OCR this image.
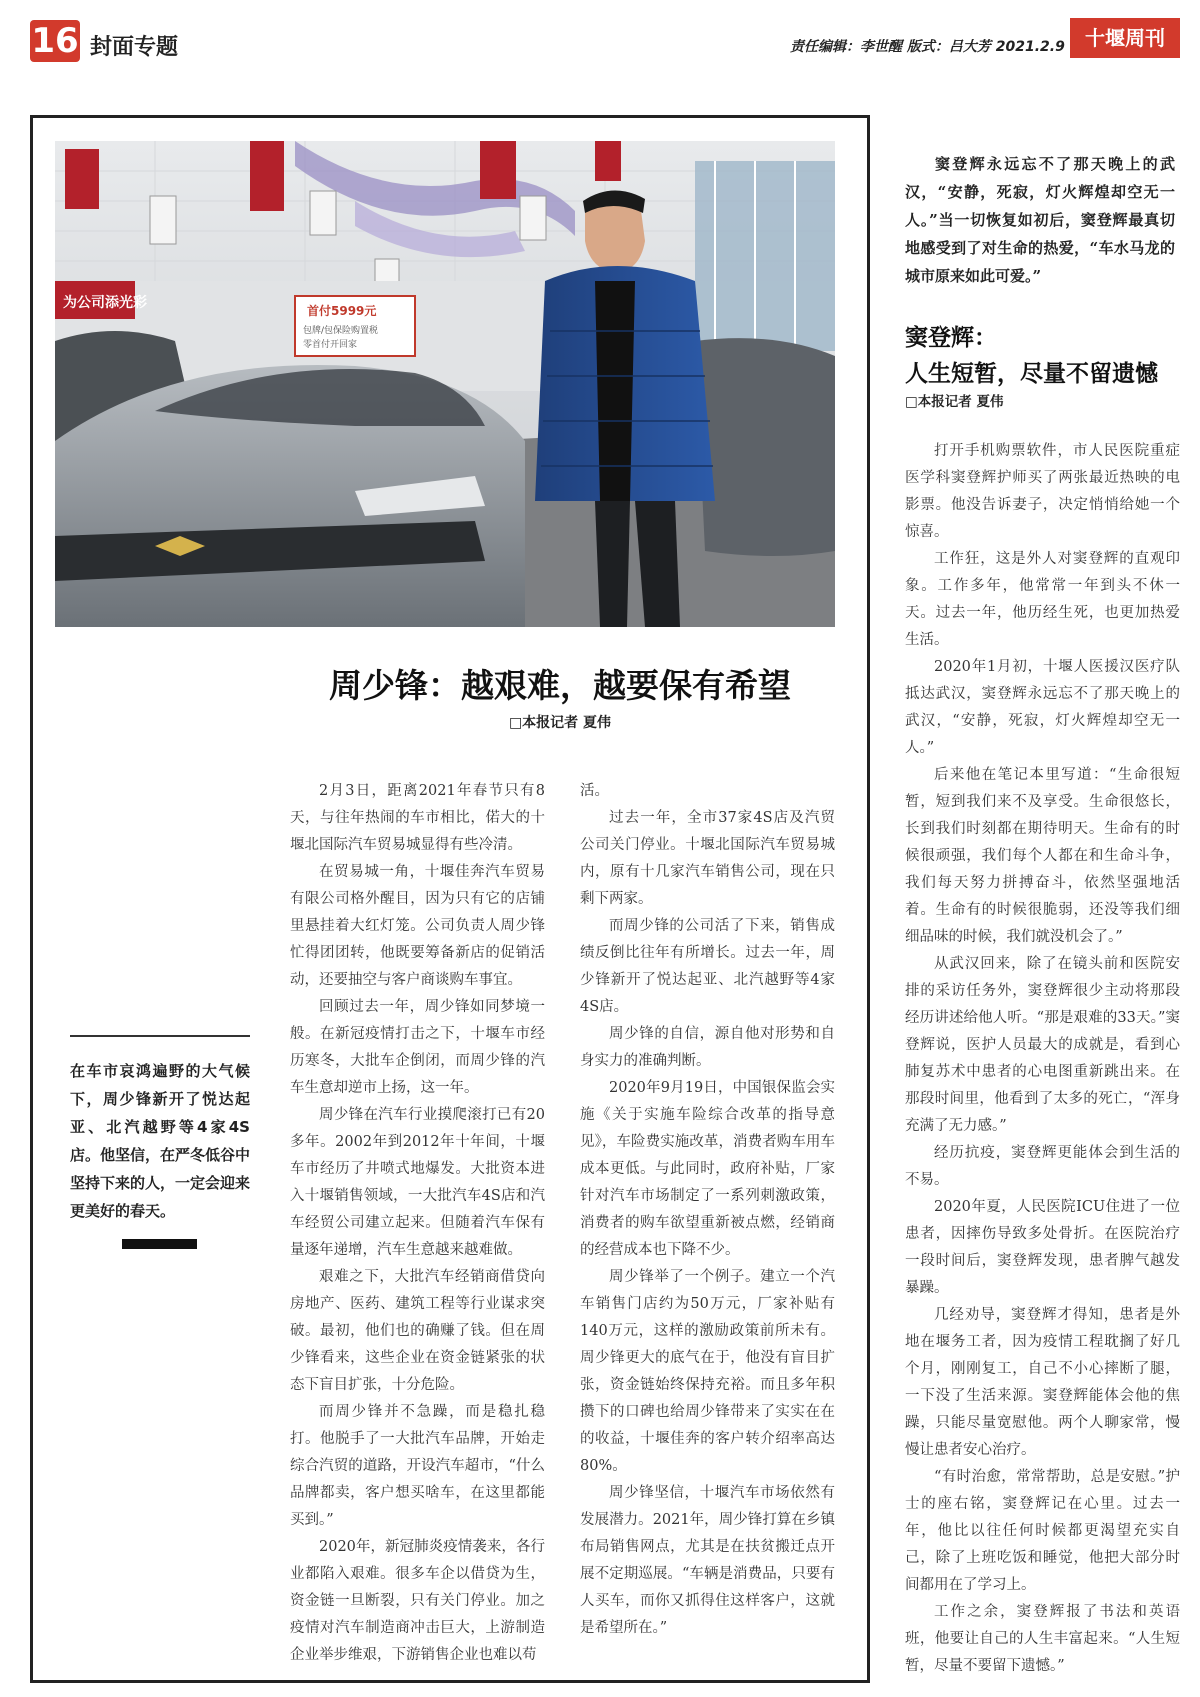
16 封面专题	责任编辑：李世醒 版式：吕大芳 2021.2.9	十堰周刊
为公司添光彩	首付5999元
包牌/包保险购置税
零首付开回家
周少锋：越艰难，越要保有希望
□本报记者 夏伟
在车市哀鸿遍野的大气候下，周少锋新开了悦达起亚、北汽越野等4家4S店。他坚信，在严冬低谷中坚持下来的人，一定会迎来更美好的春天。

2月3日，距离2021年春节只有8天，与往年热闹的车市相比，偌大的十堰北国际汽车贸易城显得有些冷清。

在贸易城一角，十堰佳奔汽车贸易有限公司格外醒目，因为只有它的店铺里悬挂着大红灯笼。公司负责人周少锋忙得团团转，他既要筹备新店的促销活动，还要抽空与客户商谈购车事宜。

回顾过去一年，周少锋如同梦境一般。在新冠疫情打击之下，十堰车市经历寒冬，大批车企倒闭，而周少锋的汽车生意却逆市上扬，这一年。

周少锋在汽车行业摸爬滚打已有20多年。2002年到2012年十年间，十堰车市经历了井喷式地爆发。大批资本进入十堰销售领域，一大批汽车4S店和汽车经贸公司建立起来。但随着汽车保有量逐年递增，汽车生意越来越难做。

艰难之下，大批汽车经销商借贷向房地产、医药、建筑工程等行业谋求突破。最初，他们也的确赚了钱。但在周少锋看来，这些企业在资金链紧张的状态下盲目扩张，十分危险。

而周少锋并不急躁，而是稳扎稳打。他脱手了一大批汽车品牌，开始走综合汽贸的道路，开设汽车超市，“什么品牌都卖，客户想买啥车，在这里都能买到。”

2020年，新冠肺炎疫情袭来，各行业都陷入艰难。很多车企以借贷为生，资金链一旦断裂，只有关门停业。加之疫情对汽车制造商冲击巨大，上游制造企业举步维艰，下游销售企业也难以苟

活。

过去一年，全市37家4S店及汽贸公司关门停业。十堰北国际汽车贸易城内，原有十几家汽车销售公司，现在只剩下两家。

而周少锋的公司活了下来，销售成绩反倒比往年有所增长。过去一年，周少锋新开了悦达起亚、北汽越野等4家4S店。

周少锋的自信，源自他对形势和自身实力的准确判断。

2020年9月19日，中国银保监会实施《关于实施车险综合改革的指导意见》，车险费实施改革，消费者购车用车成本更低。与此同时，政府补贴，厂家针对汽车市场制定了一系列刺激政策，消费者的购车欲望重新被点燃，经销商的经营成本也下降不少。

周少锋举了一个例子。建立一个汽车销售门店约为50万元，厂家补贴有140万元，这样的激励政策前所未有。周少锋更大的底气在于，他没有盲目扩张，资金链始终保持充裕。而且多年积攒下的口碑也给周少锋带来了实实在在的收益，十堰佳奔的客户转介绍率高达80%。

周少锋坚信，十堰汽车市场依然有发展潜力。2021年，周少锋打算在乡镇布局销售网点，尤其是在扶贫搬迁点开展不定期巡展。“车辆是消费品，只要有人买车，而你又抓得住这样客户，这就是希望所在。”

窦登辉永远忘不了那天晚上的武汉，“安静，死寂，灯火辉煌却空无一人。”当一切恢复如初后，窦登辉最真切地感受到了对生命的热爱，“车水马龙的城市原来如此可爱。”

窦登辉：
人生短暂，尽量不留遗憾
□本报记者 夏伟

打开手机购票软件，市人民医院重症医学科窦登辉护师买了两张最近热映的电影票。他没告诉妻子，决定悄悄给她一个惊喜。

工作狂，这是外人对窦登辉的直观印象。工作多年，他常常一年到头不休一天。过去一年，他历经生死，也更加热爱生活。

2020年1月初，十堰人医援汉医疗队抵达武汉，窦登辉永远忘不了那天晚上的武汉，“安静，死寂，灯火辉煌却空无一人。”

后来他在笔记本里写道：“生命很短暂，短到我们来不及享受。生命很悠长，长到我们时刻都在期待明天。生命有的时候很顽强，我们每个人都在和生命斗争，我们每天努力拼搏奋斗，依然坚强地活着。生命有的时候很脆弱，还没等我们细细品味的时候，我们就没机会了。”

从武汉回来，除了在镜头前和医院安排的采访任务外，窦登辉很少主动将那段经历讲述给他人听。“那是艰难的33天。”窦登辉说，医护人员最大的成就是，看到心肺复苏术中患者的心电图重新跳出来。在那段时间里，他看到了太多的死亡，“浑身充满了无力感。”

经历抗疫，窦登辉更能体会到生活的不易。

2020年夏，人民医院ICU住进了一位患者，因摔伤导致多处骨折。在医院治疗一段时间后，窦登辉发现，患者脾气越发暴躁。

几经劝导，窦登辉才得知，患者是外地在堰务工者，因为疫情工程耽搁了好几个月，刚刚复工，自己不小心摔断了腿，一下没了生活来源。窦登辉能体会他的焦躁，只能尽量宽慰他。两个人聊家常，慢慢让患者安心治疗。

“有时治愈，常常帮助，总是安慰。”护士的座右铭，窦登辉记在心里。过去一年，他比以往任何时候都更渴望充实自己，除了上班吃饭和睡觉，他把大部分时间都用在了学习上。

工作之余，窦登辉报了书法和英语班，他要让自己的人生丰富起来。“人生短暂，尽量不要留下遗憾。”
